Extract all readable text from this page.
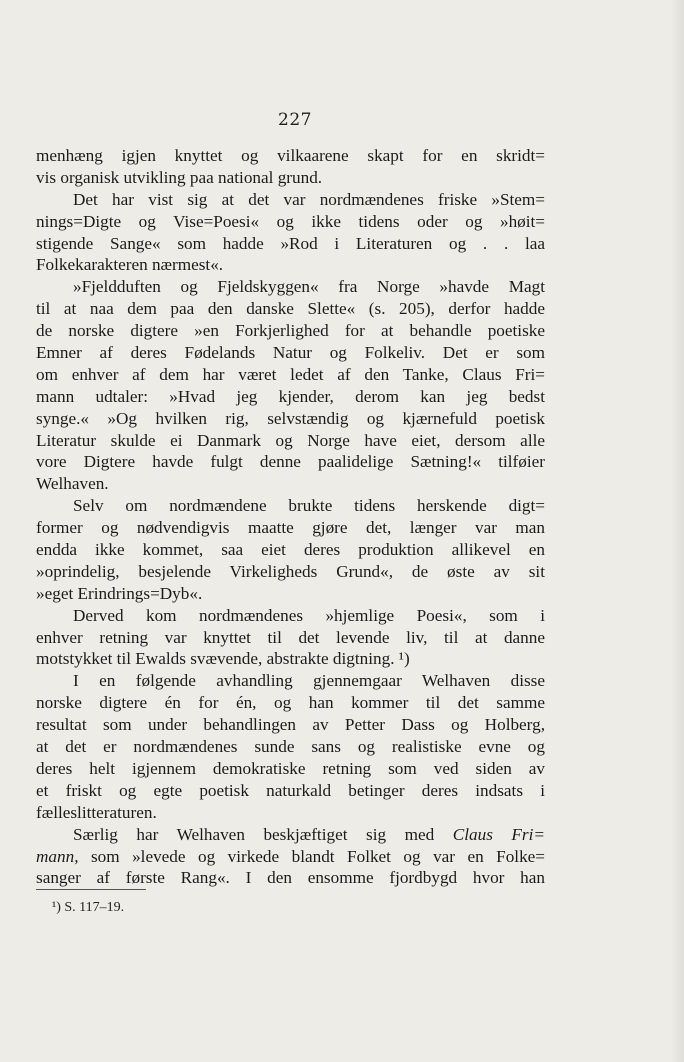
227
menhæng igjen knyttet og vilkaarene skapt for en skridt=
vis organisk utvikling paa national grund.
Det har vist sig at det var nordmændenes friske »Stem=
nings=Digte og Vise=Poesi« og ikke tidens oder og »høit=
stigende Sange« som hadde »Rod i Literaturen og . . laa
Folkekarakteren nærmest«.
»Fjeldduften og Fjeldskyggen« fra Norge »havde Magt
til at naa dem paa den danske Slette« (s. 205), derfor hadde
de norske digtere »en Forkjerlighed for at behandle poetiske
Emner af deres Fødelands Natur og Folkeliv. Det er som
om enhver af dem har været ledet af den Tanke, Claus Fri=
mann udtaler: »Hvad jeg kjender, derom kan jeg bedst
synge.« »Og hvilken rig, selvstændig og kjærnefuld poetisk
Literatur skulde ei Danmark og Norge have eiet, dersom alle
vore Digtere havde fulgt denne paalidelige Sætning!« tilføier
Welhaven.
Selv om nordmændene brukte tidens herskende digt=
former og nødvendigvis maatte gjøre det, længer var man
endda ikke kommet, saa eiet deres produktion allikevel en
»oprindelig, besjelende Virkeligheds Grund«, de øste av sit
»eget Erindrings=Dyb«.
Derved kom nordmændenes »hjemlige Poesi«, som i
enhver retning var knyttet til det levende liv, til at danne
motstykket til Ewalds svævende, abstrakte digtning. ¹)
I en følgende avhandling gjennemgaar Welhaven disse
norske digtere én for én, og han kommer til det samme
resultat som under behandlingen av Petter Dass og Holberg,
at det er nordmændenes sunde sans og realistiske evne og
deres helt igjennem demokratiske retning som ved siden av
et friskt og egte poetisk naturkald betinger deres indsats i
fælleslitteraturen.
Særlig har Welhaven beskjæftiget sig med Claus Fri=
mann, som »levede og virkede blandt Folket og var en Folke=
sanger af første Rang«. I den ensomme fjordbygd hvor han
¹) S. 117–19.
